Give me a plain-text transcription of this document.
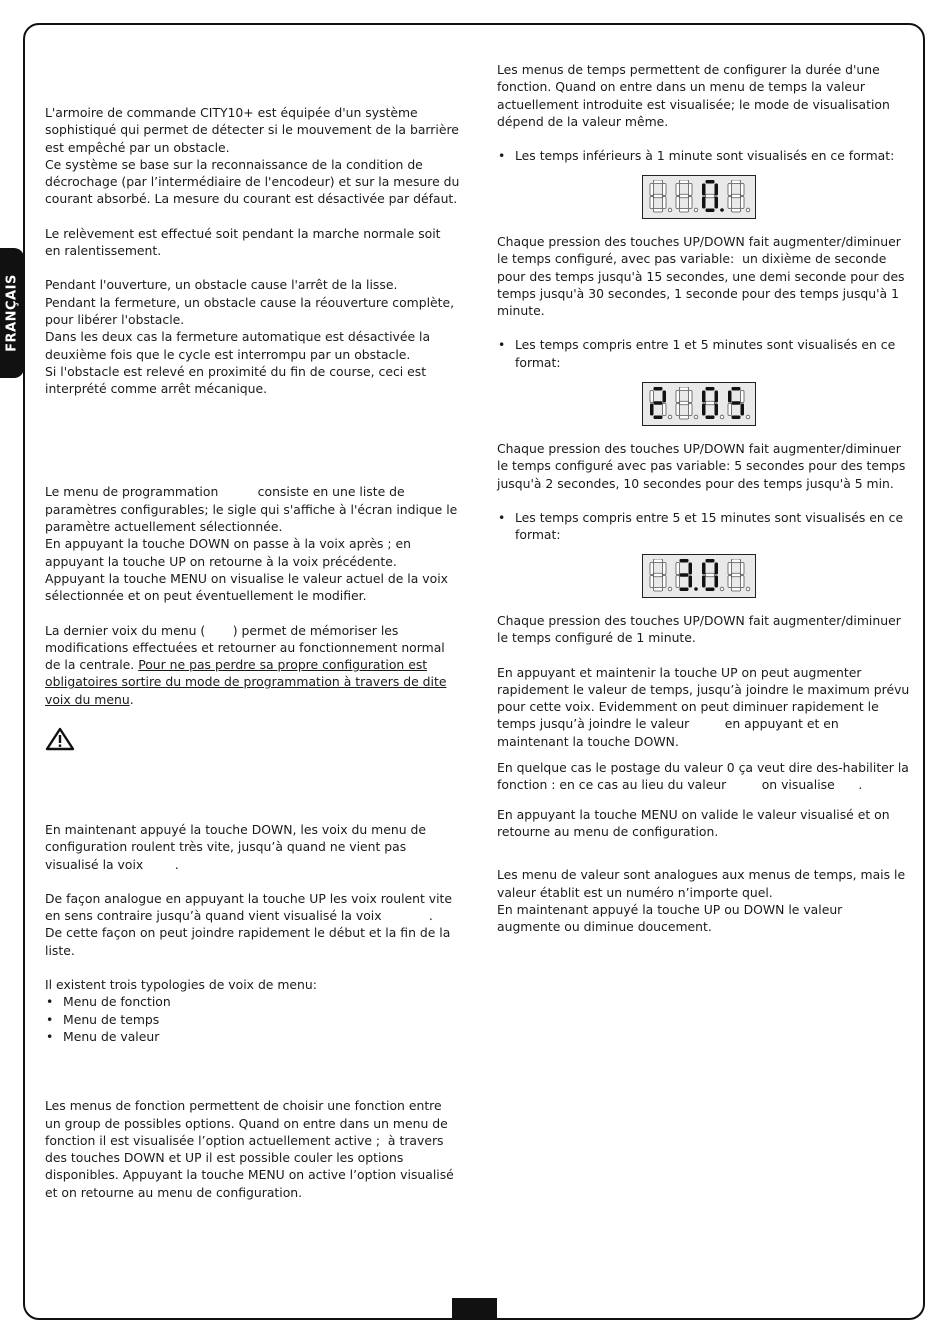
FRANÇAIS

L'armoire de commande CITY10+ est équipée d'un système

sophistiqué qui permet de détecter si le mouvement de la barrière

est empêché par un obstacle.

Ce système se base sur la reconnaissance de la condition de

décrochage (par l’intermédiaire de l'encodeur) et sur la mesure du

courant absorbé. La mesure du courant est désactivée par défaut.

Le relèvement est effectué soit pendant la marche normale soit

en ralentissement.

Pendant l'ouverture, un obstacle cause l'arrêt de la lisse.

Pendant la fermeture, un obstacle cause la réouverture complète,

pour libérer l'obstacle.

Dans les deux cas la fermeture automatique est désactivée la

deuxième fois que le cycle est interrompu par un obstacle.

Si l'obstacle est relevé en proximité du fin de course, ceci est

interprété comme arrêt mécanique.

Le menu de programmation          consiste en une liste de

paramètres configurables; le sigle qui s'affiche à l'écran indique le

paramètre actuellement sélectionnée.

En appuyant la touche DOWN on passe à la voix après ; en

appuyant la touche UP on retourne à la voix précédente.

Appuyant la touche MENU on visualise le valeur actuel de la voix

sélectionnée et on peut éventuellement le modifier.

La dernier voix du menu (       ) permet de mémoriser les

modifications effectuées et retourner au fonctionnement normal

de la centrale. Pour ne pas perdre sa propre configuration est

obligatoires sortire du mode de programmation à travers de dite

voix du menu.

En maintenant appuyé la touche DOWN, les voix du menu de

configuration roulent très vite, jusqu’à quand ne vient pas

visualisé la voix        .

De façon analogue en appuyant la touche UP les voix roulent vite

en sens contraire jusqu’à quand vient visualisé la voix            .

De cette façon on peut joindre rapidement le début et la fin de la

liste.

Il existent trois typologies de voix de menu:

• Menu de fonction
• Menu de temps
• Menu de valeur

Les menus de fonction permettent de choisir une fonction entre

un group de possibles options. Quand on entre dans un menu de

fonction il est visualisée l’option actuellement active ;  à travers

des touches DOWN et UP il est possible couler les options

disponibles. Appuyant la touche MENU on active l’option visualisé

et on retourne au menu de configuration.

Les menus de temps permettent de configurer la durée d'une

fonction. Quand on entre dans un menu de temps la valeur

actuellement introduite est visualisée; le mode de visualisation

dépend de la valeur même.

• Les temps inférieurs à 1 minute sont visualisés en ce format:

Chaque pression des touches UP/DOWN fait augmenter/diminuer

le temps configuré, avec pas variable:  un dixième de seconde

pour des temps jusqu'à 15 secondes, une demi seconde pour des

temps jusqu'à 30 secondes, 1 seconde pour des temps jusqu'à 1

minute.

• Les temps compris entre 1 et 5 minutes sont visualisés en ce

format:

Chaque pression des touches UP/DOWN fait augmenter/diminuer

le temps configuré avec pas variable: 5 secondes pour des temps

jusqu'à 2 secondes, 10 secondes pour des temps jusqu'à 5 min.

• Les temps compris entre 5 et 15 minutes sont visualisés en ce

format:

Chaque pression des touches UP/DOWN fait augmenter/diminuer

le temps configuré de 1 minute.

En appuyant et maintenir la touche UP on peut augmenter

rapidement le valeur de temps, jusqu’à joindre le maximum prévu

pour cette voix. Evidemment on peut diminuer rapidement le

temps jusqu’à joindre le valeur         en appuyant et en

maintenant la touche DOWN.

En quelque cas le postage du valeur 0 ça veut dire des-habiliter la

fonction : en ce cas au lieu du valeur         on visualise      .

En appuyant la touche MENU on valide le valeur visualisé et on

retourne au menu de configuration.

Les menu de valeur sont analogues aux menus de temps, mais le

valeur établit est un numéro n’importe quel.

En maintenant appuyé la touche UP ou DOWN le valeur

augmente ou diminue doucement.
